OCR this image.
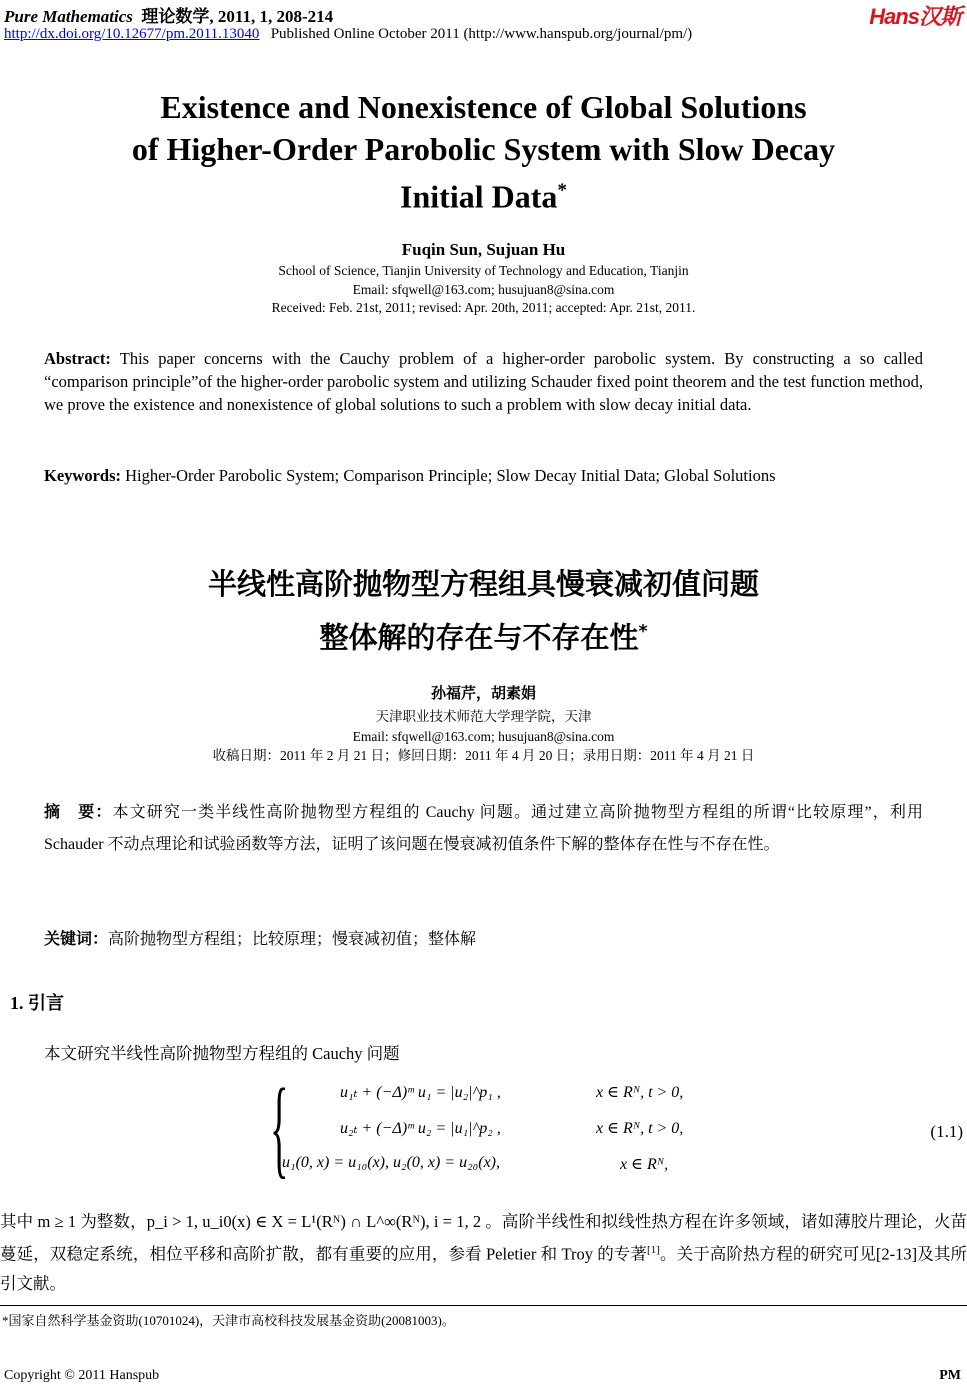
Pure Mathematics 理论数学, 2011, 1, 208-214
http://dx.doi.org/10.12677/pm.2011.13040 Published Online October 2011 (http://www.hanspub.org/journal/pm/)
Hans汉斯
Existence and Nonexistence of Global Solutions
of Higher-Order Parobolic System with Slow Decay
Initial Data*
Fuqin Sun, Sujuan Hu
School of Science, Tianjin University of Technology and Education, Tianjin
Email: sfqwell@163.com; husujuan8@sina.com
Received: Feb. 21st, 2011; revised: Apr. 20th, 2011; accepted: Apr. 21st, 2011.
Abstract: This paper concerns with the Cauchy problem of a higher-order parobolic system. By constructing a so called “comparison principle”of the higher-order parobolic system and utilizing Schauder fixed point theorem and the test function method, we prove the existence and nonexistence of global solutions to such a problem with slow decay initial data.
Keywords: Higher-Order Parobolic System; Comparison Principle; Slow Decay Initial Data; Global Solutions
半线性高阶抛物型方程组具慢衰减初值问题
整体解的存在与不存在性*
孙福芹，胡素娟
天津职业技术师范大学理学院，天津
Email: sfqwell@163.com; husujuan8@sina.com
收稿日期：2011 年 2 月 21 日；修回日期：2011 年 4 月 20 日；录用日期：2011 年 4 月 21 日
摘　要：本文研究一类半线性高阶抛物型方程组的 Cauchy 问题。通过建立高阶抛物型方程组的所谓“比较原理”，利用 Schauder 不动点理论和试验函数等方法，证明了该问题在慢衰减初值条件下解的整体存在性与不存在性。
关键词：高阶抛物型方程组；比较原理；慢衰减初值；整体解
1. 引言
本文研究半线性高阶抛物型方程组的 Cauchy 问题
{	u₁ₜ + (−Δ)ᵐ u₁ = |u₂|^p₁ ,
u₂ₜ + (−Δ)ᵐ u₂ = |u₁|^p₂ ,
u₁(0, x) = u₁₀(x), u₂(0, x) = u₂₀(x),
x ∈ Rᴺ, t > 0,
x ∈ Rᴺ, t > 0,
x ∈ Rᴺ,
(1.1)
其中 m ≥ 1 为整数，p_i > 1, u_i0(x) ∈ X = L¹(Rᴺ) ∩ L^∞(Rᴺ), i = 1, 2 。高阶半线性和拟线性热方程在许多领域，诸如薄胶片理论，火苗蔓延，双稳定系统，相位平移和高阶扩散，都有重要的应用，参看 Peletier 和 Troy 的专著[1]。关于高阶热方程的研究可见[2-13]及其所引文献。
*国家自然科学基金资助(10701024)，天津市高校科技发展基金资助(20081003)。
Copyright © 2011 Hanspub	PM
